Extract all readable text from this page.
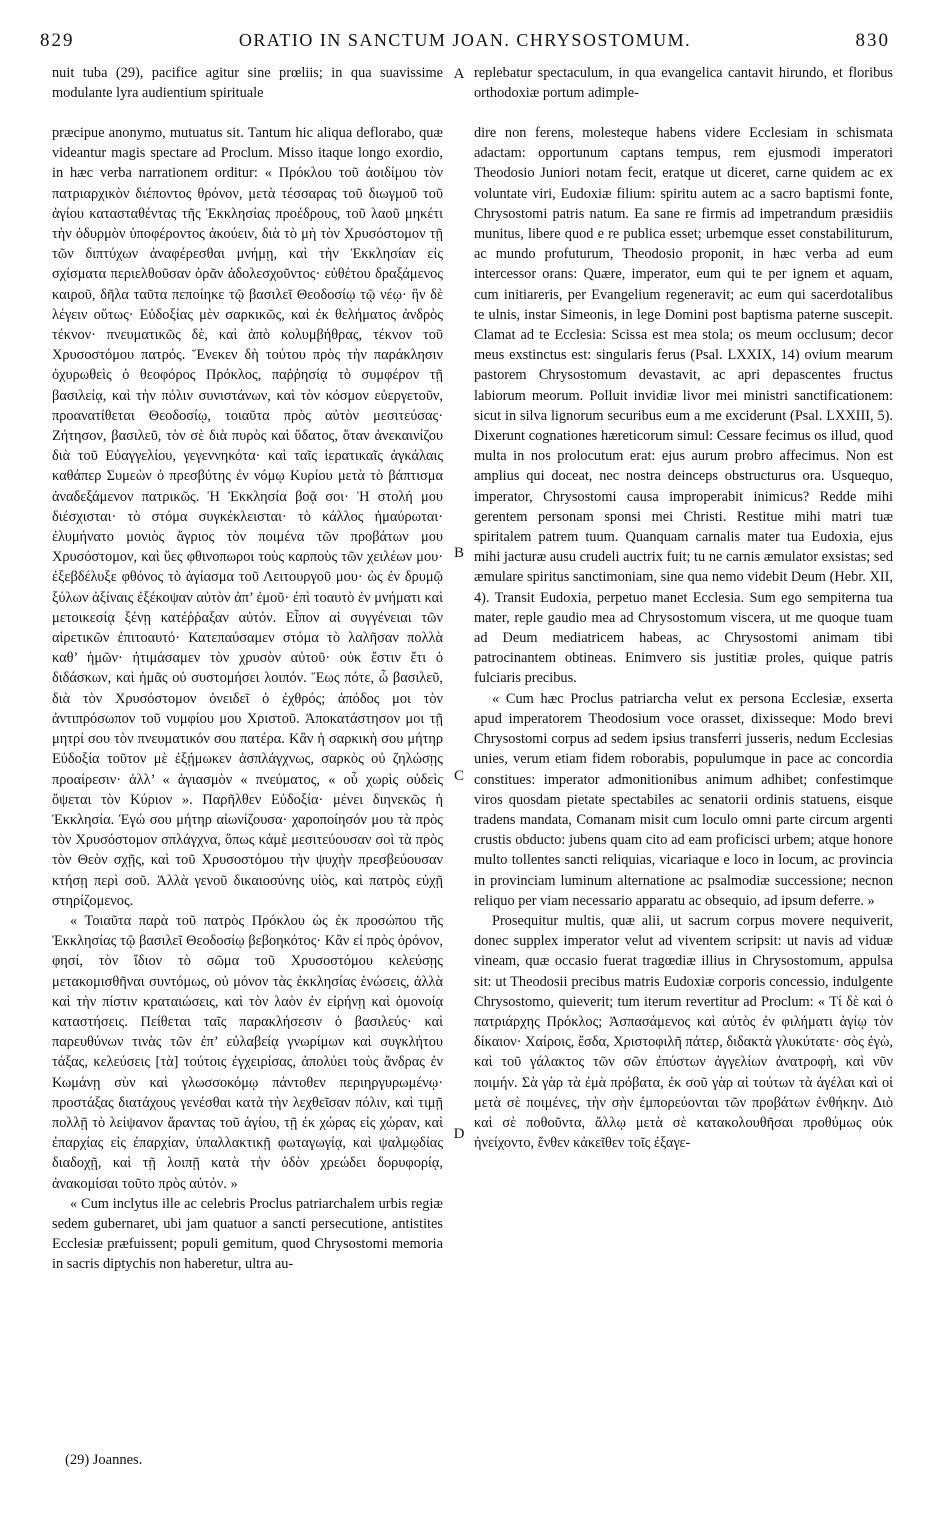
829	ORATIO IN SANCTUM JOAN. CHRYSOSTOMUM.	830

nuit tuba (29), pacifice agitur sine prœliis; in qua suavissime modulante lyra audientium spirituale

replebatur spectaculum, in qua evangelica cantavit hirundo, et floribus orthodoxiæ portum adimple-

A
B
C
D

præcipue anonymo, mutuatus sit. Tantum hic aliqua deflorabo, quæ videantur magis spectare ad Proclum. Misso itaque longo exordio, in hæc verba narrationem orditur: « Πρόκλου τοῦ ἀοιδίμου τὸν πατριαρχικὸν διέποντος θρόνον, μετὰ τέσσαρας τοῦ διωγμοῦ τοῦ ἁγίου κατασταθέντας τῆς Ἐκκλησίας προέδρους, τοῦ λαοῦ μηκέτι τὴν ὀδυρμὸν ὑποφέροντος ἀκούειν, διὰ τὸ μὴ τὸν Χρυσόστομον τῇ τῶν διπτύχων ἀναφέρεσθαι μνήμῃ, καὶ τὴν Ἐκκλησίαν εἰς σχίσματα περιελθοῦσαν ὁρᾶν ἀδολεσχοῦντος· εὐθέτου δραξάμενος καιροῦ, δῆλα ταῦτα πεποίηκε τῷ βασιλεῖ Θεοδοσίῳ τῷ νέῳ· ἣν δὲ λέγειν οὕτως· Εὐδοξίας μὲν σαρκικῶς, καὶ ἐκ θελήματος ἀνδρὸς τέκνον· πνευματικῶς δὲ, καὶ ἀπὸ κολυμβήθρας, τέκνον τοῦ Χρυσοστόμου πατρός. Ἕνεκεν δὴ τούτου πρὸς τὴν παράκλησιν ὀχυρωθεὶς ὁ θεοφόρος Πρόκλος, παῤῥησίᾳ τὸ συμφέρον τῇ βασιλείᾳ, καὶ τὴν πόλιν συνιστάνων, καὶ τὸν κόσμον εὐεργετοῦν, προανατίθεται Θεοδοσίῳ, τοιαῦτα πρὸς αὐτὸν μεσιτεύσας· Ζήτησον, βασιλεῦ, τὸν σὲ διὰ πυρὸς καὶ ὕδατος, ὅταν ἀνεκαινίζου διὰ τοῦ Εὐαγγελίου, γεγεννηκότα· καὶ ταῖς ἱερατικαῖς ἀγκάλαις καθάπερ Συμεὼν ὁ πρεσβύτης ἐν νόμῳ Κυρίου μετὰ τὸ βάπτισμα ἀναδεξάμενον πατρικῶς. Ἡ Ἐκκλησία βοᾷ σοι· Ἡ στολή μου διέσχισται· τὸ στόμα συγκέκλεισται· τὸ κάλλος ἠμαύρωται· ἐλυμήνατο μονιὸς ἄγριος τὸν ποιμένα τῶν προβάτων μου Χρυσόστομον, καὶ ὕες φθινοπωροι τοὺς καρποὺς τῶν χειλέων μου· ἐξεβδέλυξε φθόνος τὸ ἁγίασμα τοῦ Λειτουργοῦ μου· ὡς ἐν δρυμῷ ξύλων ἀξίναις ἐξέκοψαν αὐτὸν ἀπ’ ἐμοῦ· ἐπὶ τοαυτὸ ἐν μνήματι καὶ μετοικεσίᾳ ξένῃ κατέῤῥαξαν αὐτόν. Εἶπον αἱ συγγένειαι τῶν αἱρετικῶν ἐπιτοαυτό· Κατεπαύσαμεν στόμα τὸ λαλῆσαν πολλὰ καθ’ ἡμῶν· ἠτιμάσαμεν τὸν χρυσὸν αὐτοῦ· οὐκ ἔστιν ἔτι ὁ διδάσκων, καὶ ἡμᾶς οὐ συστομήσει λοιπόν. Ἕως πότε, ὦ βασιλεῦ, διὰ τὸν Χρυσόστομον ὀνειδεῖ ὁ ἐχθρός; ἀπόδος μοι τὸν ἀντιπρόσωπον τοῦ νυμφίου μου Χριστοῦ. Ἀποκατάστησον μοι τῇ μητρί σου τὸν πνευματικόν σου πατέρα. Κἂν ἡ σαρκικὴ σου μήτηρ Εὐδοξία τοῦτον μὲ ἐξῄμωκεν ἀσπλάγχνως, σαρκὸς οὐ ζηλώσῃς προαίρεσιν· ἀλλ’ « ἁγιασμὸν « πνεύματος, « οὗ χωρὶς οὐδεὶς ὄψεται τὸν Κύριον ». Παρῆλθεν Εὐδοξία· μένει διηνεκῶς ἡ Ἐκκλησία. Ἐγώ σου μήτηρ αἰωνίζουσα· χαροποίησόν μου τὰ πρὸς τὸν Χρυσόστομον σπλάγχνα, ὅπως κἀμὲ μεσιτεύουσαν σοὶ τὰ πρὸς τὸν Θεὸν σχῇς, καὶ τοῦ Χρυσοστόμου τὴν ψυχὴν πρεσβεύουσαν κτήσῃ περὶ σοῦ. Ἀλλὰ γενοῦ δικαιοσύνης υἱὸς, καὶ πατρὸς εὐχῇ στηρίζομενος.

« Τοιαῦτα παρὰ τοῦ πατρὸς Πρόκλου ὡς ἐκ προσώπου τῆς Ἐκκλησίας τῷ βασιλεῖ Θεοδοσίῳ βεβοηκότος· Κἂν εἰ πρὸς ὀρόνον, φησί, τὸν ἴδιον τὸ σῶμα τοῦ Χρυσοστόμου κελεύσῃς μετακομισθῆναι συντόμως, οὐ μόνον τὰς ἐκκλησίας ἑνώσεις, ἀλλὰ καὶ τὴν πίστιν κραταιώσεις, καὶ τὸν λαὸν ἐν εἰρήνῃ καὶ ὁμονοίᾳ καταστήσεις. Πείθεται ταῖς παρακλήσεσιν ὁ βασιλεύς· καὶ παρευθύνων τινὰς τῶν ἐπ’ εὐλαβείᾳ γνωρίμων καὶ συγκλήτου τάξας, κελεύσεις [τὰ] τούτοις ἐγχειρίσας, ἀπολύει τοὺς ἄνδρας ἐν Κωμάνῃ σὺν καὶ γλωσσοκόμῳ πάντοθεν περιηργυρωμένῳ· προστάξας διατάχους γενέσθαι κατὰ τὴν λεχθεῖσαν πόλιν, καὶ τιμῇ πολλῇ τὸ λείψανον ἄραντας τοῦ ἁγίου, τῇ ἐκ χώρας εἰς χώραν, καὶ ἐπαρχίας εἰς ἐπαρχίαν, ὑπαλλακτικῇ φωταγωγίᾳ, καὶ ψαλμῳδίας διαδοχῇ, καὶ τῇ λοιπῇ κατὰ τὴν ὁδὸν χρεώδει δορυφορίᾳ, ἀνακομίσαι τοῦτο πρὸς αὐτόν. »

« Cum inclytus ille ac celebris Proclus patriarchalem urbis regiæ sedem gubernaret, ubi jam quatuor a sancti persecutione, antistites Ecclesiæ præfuissent; populi gemitum, quod Chrysostomi memoria in sacris diptychis non haberetur, ultra au-

dire non ferens, molesteque habens videre Ecclesiam in schismata adactam: opportunum captans tempus, rem ejusmodi imperatori Theodosio Juniori notam fecit, eratque ut diceret, carne quidem ac ex voluntate viri, Eudoxiæ filium: spiritu autem ac a sacro baptismi fonte, Chrysostomi patris natum. Ea sane re firmis ad impetrandum præsidiis munitus, libere quod e re publica esset; urbemque esset constabiliturum, ac mundo profuturum, Theodosio proponit, in hæc verba ad eum intercessor orans: Quære, imperator, eum qui te per ignem et aquam, cum initiareris, per Evangelium regeneravit; ac eum qui sacerdotalibus te ulnis, instar Simeonis, in lege Domini post baptisma paterne suscepit. Clamat ad te Ecclesia: Scissa est mea stola; os meum occlusum; decor meus exstinctus est: singularis ferus (Psal. LXXIX, 14) ovium mearum pastorem Chrysostomum devastavit, ac apri depascentes fructus labiorum meorum. Polluit invidiæ livor mei ministri sanctificationem: sicut in silva lignorum securibus eum a me exciderunt (Psal. LXXIII, 5). Dixerunt cognationes hæreticorum simul: Cessare fecimus os illud, quod multa in nos prolocutum erat: ejus aurum probro affecimus. Non est amplius qui doceat, nec nostra deinceps obstructurus ora. Usquequo, imperator, Chrysostomi causa improperabit inimicus? Redde mihi gerentem personam sponsi mei Christi. Restitue mihi matri tuæ spiritalem patrem tuum. Quanquam carnalis mater tua Eudoxia, ejus mihi jacturæ ausu crudeli auctrix fuit; tu ne carnis æmulator exsistas; sed æmulare spiritus sanctimoniam, sine qua nemo videbit Deum (Hebr. XII, 4). Transit Eudoxia, perpetuo manet Ecclesia. Sum ego sempiterna tua mater, reple gaudio mea ad Chrysostomum viscera, ut me quoque tuam ad Deum mediatricem habeas, ac Chrysostomi animam tibi patrocinantem obtineas. Enimvero sis justitiæ proles, quique patris fulciaris precibus.

« Cum hæc Proclus patriarcha velut ex persona Ecclesiæ, exserta apud imperatorem Theodosium voce orasset, dixisseque: Modo brevi Chrysostomi corpus ad sedem ipsius transferri jusseris, nedum Ecclesias unies, verum etiam fidem roborabis, populumque in pace ac concordia constitues: imperator admonitionibus animum adhibet; confestimque viros quosdam pietate spectabiles ac senatorii ordinis statuens, eisque tradens mandata, Comanam misit cum loculo omni parte circum argenti crustis obducto: jubens quam cito ad eam proficisci urbem; atque honore multo tollentes sancti reliquias, vicariaque e loco in locum, ac provincia in provinciam luminum alternatione ac psalmodiæ successione; necnon reliquo per viam necessario apparatu ac obsequio, ad ipsum deferre. »

Prosequitur multis, quæ alii, ut sacrum corpus movere nequiverit, donec supplex imperator velut ad viventem scripsit: ut navis ad viduæ vineam, quæ occasio fuerat tragœdiæ illius in Chrysostomum, appulsa sit: ut Theodosii precibus matris Eudoxiæ corporis concessio, indulgente Chrysostomo, quieverit; tum iterum revertitur ad Proclum: « Τί δὲ καὶ ὁ πατριάρχης Πρόκλος; Ἀσπασάμενος καὶ αὐτὸς ἐν φιλήματι ἁγίῳ τὸν δίκαιον· Χαίροις, ἔσδα, Χριστοφιλῆ πάτερ, διδακτὰ γλυκύτατε· σὸς ἐγὼ, καὶ τοῦ γάλακτος τῶν σῶν ἐπύστων ἀγγελίων ἀνατροφὴ, καὶ νῦν ποιμήν. Σὰ γὰρ τὰ ἐμὰ πρόβατα, ἐκ σοῦ γὰρ αἱ τούτων τὰ ἀγέλαι καὶ οἱ μετὰ σὲ ποιμένες, τὴν σὴν ἐμπορεύονται τῶν προβάτων ἐνθήκην. Διὸ καὶ σὲ ποθοῦντα, ἄλλῳ μετὰ σὲ κατακολουθῆσαι προθύμως οὐκ ἠνείχοντο, ἔνθεν κἀκεῖθεν τοῖς ἐξαγε-

(29) Joannes.
